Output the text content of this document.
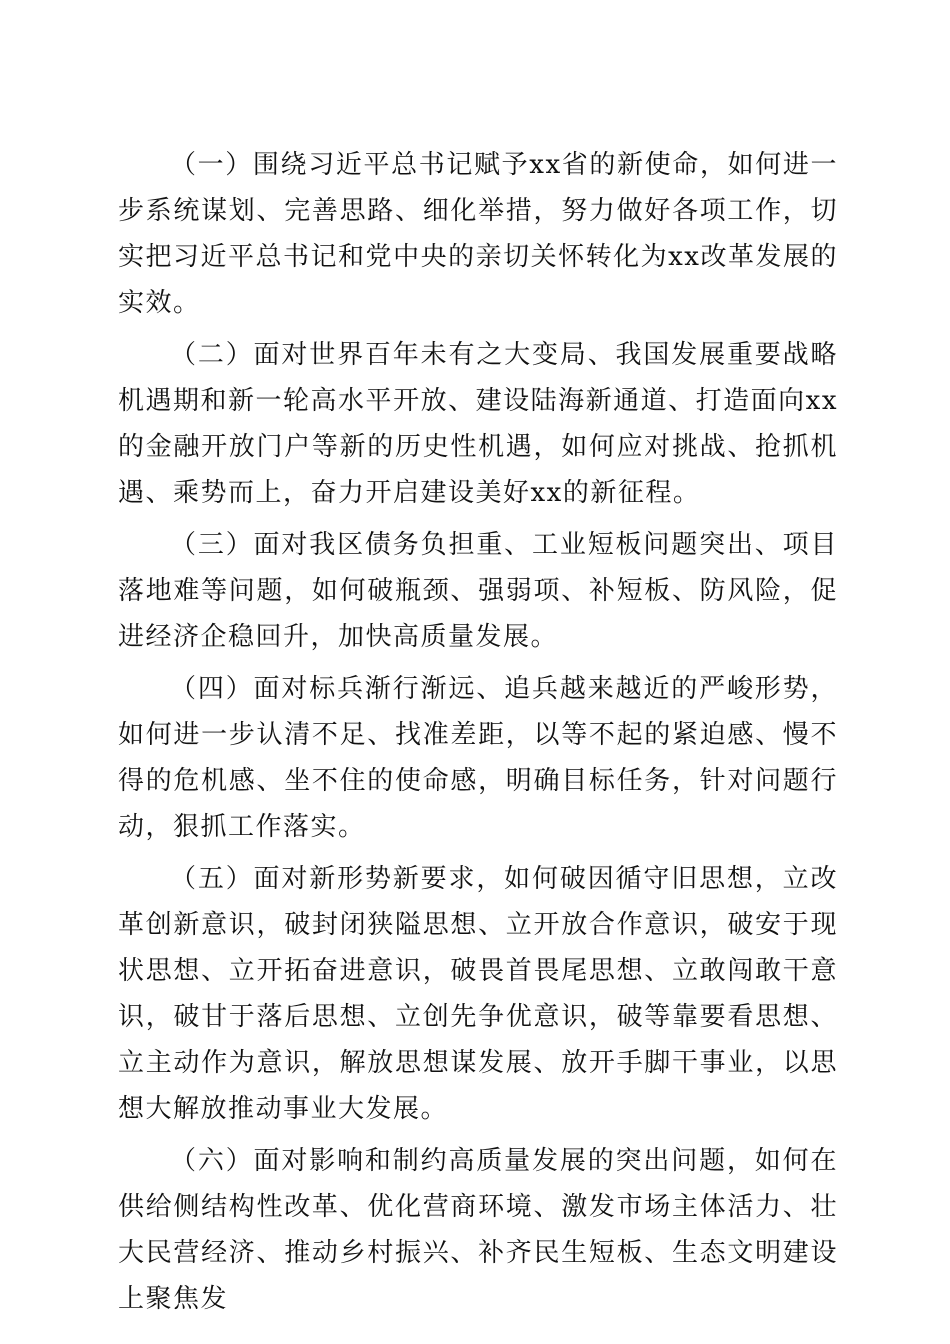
（一）围绕习近平总书记赋予xx省的新使命，如何进一步系统谋划、完善思路、细化举措，努力做好各项工作，切实把习近平总书记和党中央的亲切关怀转化为xx改革发展的实效。

（二）面对世界百年未有之大变局、我国发展重要战略机遇期和新一轮高水平开放、建设陆海新通道、打造面向xx的金融开放门户等新的历史性机遇，如何应对挑战、抢抓机遇、乘势而上，奋力开启建设美好xx的新征程。

（三）面对我区债务负担重、工业短板问题突出、项目落地难等问题，如何破瓶颈、强弱项、补短板、防风险，促进经济企稳回升，加快高质量发展。

（四）面对标兵渐行渐远、追兵越来越近的严峻形势，如何进一步认清不足、找准差距，以等不起的紧迫感、慢不得的危机感、坐不住的使命感，明确目标任务，针对问题行动，狠抓工作落实。

（五）面对新形势新要求，如何破因循守旧思想，立改革创新意识，破封闭狭隘思想、立开放合作意识，破安于现状思想、立开拓奋进意识，破畏首畏尾思想、立敢闯敢干意识，破甘于落后思想、立创先争优意识，破等靠要看思想、立主动作为意识，解放思想谋发展、放开手脚干事业，以思想大解放推动事业大发展。

（六）面对影响和制约高质量发展的突出问题，如何在供给侧结构性改革、优化营商环境、激发市场主体活力、壮大民营经济、推动乡村振兴、补齐民生短板、生态文明建设上聚焦发
